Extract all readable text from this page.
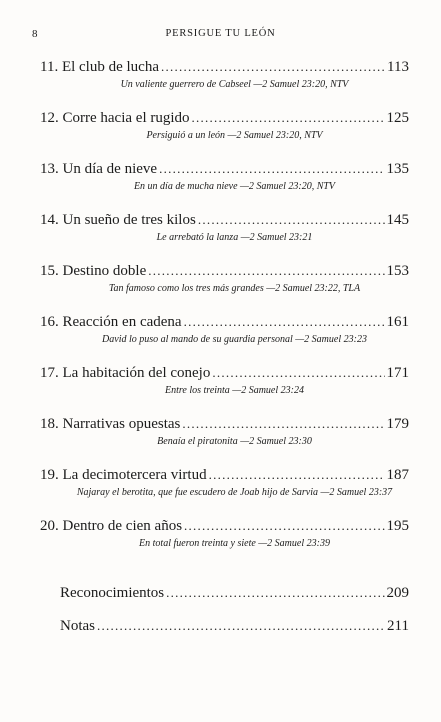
8	PERSIGUE TU LEÓN
11. El club de lucha . . .	113
Un valiente guerrero de Cabseel —2 Samuel 23:20, NTV
12. Corre hacia el rugido . . .	125
Persiguió a un león —2 Samuel 23:20, NTV
13. Un día de nieve . . .	135
En un día de mucha nieve —2 Samuel 23:20, NTV
14. Un sueño de tres kilos . . .	145
Le arrebató la lanza —2 Samuel 23:21
15. Destino doble . . .	153
Tan famoso como los tres más grandes —2 Samuel 23:22, TLA
16. Reacción en cadena . . .	161
David lo puso al mando de su guardia personal —2 Samuel 23:23
17. La habitación del conejo . . .	171
Entre los treinta —2 Samuel 23:24
18. Narrativas opuestas . . .	179
Benaía el piratonita —2 Samuel 23:30
19. La decimotercera virtud . . .	187
Najaray el berotita, que fue escudero de Joab hijo de Sarvia —2 Samuel 23:37
20. Dentro de cien años . . .	195
En total fueron treinta y siete —2 Samuel 23:39
Reconocimientos . . .	209
Notas . . .	211
